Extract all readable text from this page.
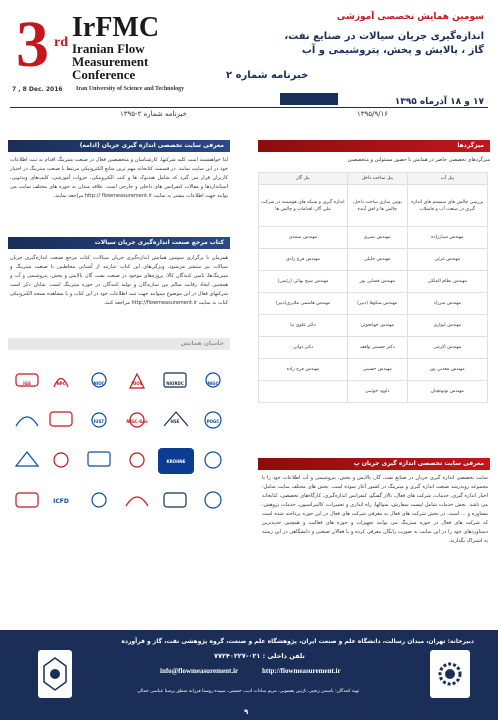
3 rd IrFMC
Iranian Flow
Measurement
Conference
7 , 8 Dec. 2016 Iran University of Science and Technology
سومین همایش تخصصی آموزشی
اندازه‌گیری جریان سیالات در صنایع نفت، گاز ، پالایش و پخش، پتروشیمی و آب
خبرنامه شماره ۲
۱۷ و ۱۸ آذرماه ۱۳۹۵
خبرنامه شماره ۲-۱۳۹۵	۱۳۹۵/۹/۱۶
معرفی سایت تخصصی اندازه گیری جریان (ادامه)
لذا خواهشمند است کلیه شرکتها، کارشناسان و متخصصین فعال در صنعت میترینگ اقدام به ثبت اطلاعات خود در این سایت نمایند. در قسمت کتابخانه مهم ترین منابع الکترونیکی مرتبط با صنعت میترینگ در اختیار کاربران قرار می گیرد که شامل هندبوک ها و کتب الکترونیکی، جزوات آموزشی، کلیپ‌های ویدئویی، استانداردها و مقالات کنفرانس های داخلی و خارجی است. علاقه مندان به حوزه های مختلف سایت می توانند جهت اطلاعات بیشتر به سایت http:// flowmeasurement.ir مراجعه نمایند.
کتاب مرجع صنعت اندازه‌گیری جریان سیالات
همزمان با برگزاری سومین همایش اندازه‌گیری جریان سیالات، کتاب مرجع صنعت اندازه‌گیری جریان سیالات نیز منتشر می‌شود. ویژگی‌های این کتاب عبارتند از آشنایی مخاطبین با صنعت میترینگ و میترینگ‌ها، تامین کنندگان کالا، پروژه‌های موجود در صنعت نفت، گاز، پالایش و پخش، پتروشیمی و آب و همچنین ایجاد رقابت سالم بین سازندگان و تولید کنندگان در حوزه میترینگ است. شایان ذکر است شرکتهای فعال در این موضوع میتوانند جهت ثبت اطلاعات خود در این کتاب و یا مشاهده نسخه الکترونیکی کتاب به سایت http://flowmeasurement.ir مراجعه کنند.
حامیان همایش
NIGC
NIORDC
IOOC
NIOC
NPC
IGS
POGC
HSE
NIGC-Gas
IUST
KROHNE
ICFD
میزگردها
میزگردهای تخصصی حاضر در همایش با حضور مسئولین و متخصصین
پنل آب	پنل ساخت داخل	پنل گاز
بررسی چالش های سیستم های اندازه گیری در صنعت آب و فاضلاب	بومی سازی ساخت داخل، چالش ها و افق آینده	اندازه گیری و شبکه های هوشمند در شرکت ملی گاز، اقدامات و چالش ها
مهندس سیارزاده	مهندس نصری	مهندس صمدی
مهندس غزلی	مهندس خلیلی	مهندس فرج زادی
مهندس نظام الملکی	مهندس قضایی پور	مهندس شیخ بهائی (رئیس)
مهندس میرزاد	مهندس شکوفا (دبیر)	مهندس هاشمی ملایری(دبیر)
مهندس لیواری	مهندس جهانجوئی	دکتر علوی نیا
مهندس اکرمی	دکتر حسینی واقف	دکتر دوانی
مهندس معدنی پور	مهندس حسینی	مهندس فرج زاده
مهندس توتونچیان	داوود خوئینی	
معرفی سایت تخصصی اندازه گیری جریان پ
سایت تخصصی اندازه گیری جریان در صنایع نفت، گاز، پالایش و پخش، پتروشیمی و آب اطلاعات خود را با مجموعه روبه‌رشد صنعت اندازه گیری و میترینگ در کشور آغاز نموده است. بخش های مختلف سایت شامل: اخبار اندازه گیری، خدمات، شرکت های فعال، تالار گفتگو، کنفرانس اندازه‌گیری، کارگاه‌های تخصصی، کتابخانه می باشد. بخش خدمات شامل لیست سفارش، سوالها، راه اندازی و تعمیرات، کالیبراسیون، خدمات پژوهش، مشاوره و ... است. در بخش شرکت های فعال به معرفی شرکت های فعال در این حوزه پرداخته شده است که شرکت های فعال در حوزه میترینگ می توانند تجهیزات و حوزه های فعالیت و همچنین جدیدترین دستاوردهای خود را در این سایت به صورت رایگان معرفی کرده و با فعالان صنعتی و دانشگاهی در این زمینه به اشتراک بگذارند.
دبیرخانه: تهران، میدان رسالت، دانشگاه علم و صنعت ایران، پژوهشگاه علم و صنعت، گروه پژوهشی نفت، گاز و فرآورده
تلفن داخلی : ۰۲۱-۷۷۲۴۰۲۲۷
info@flowmeasurement.ir	http://flowmeasurement.ir
تهیه کنندگان: یاسمن زنجیر، نازنین یعسوبی، مریم سادات ادیب حسینی، سپیده روستا فرزانه منطق پرستا عباسی جمالی
۹
